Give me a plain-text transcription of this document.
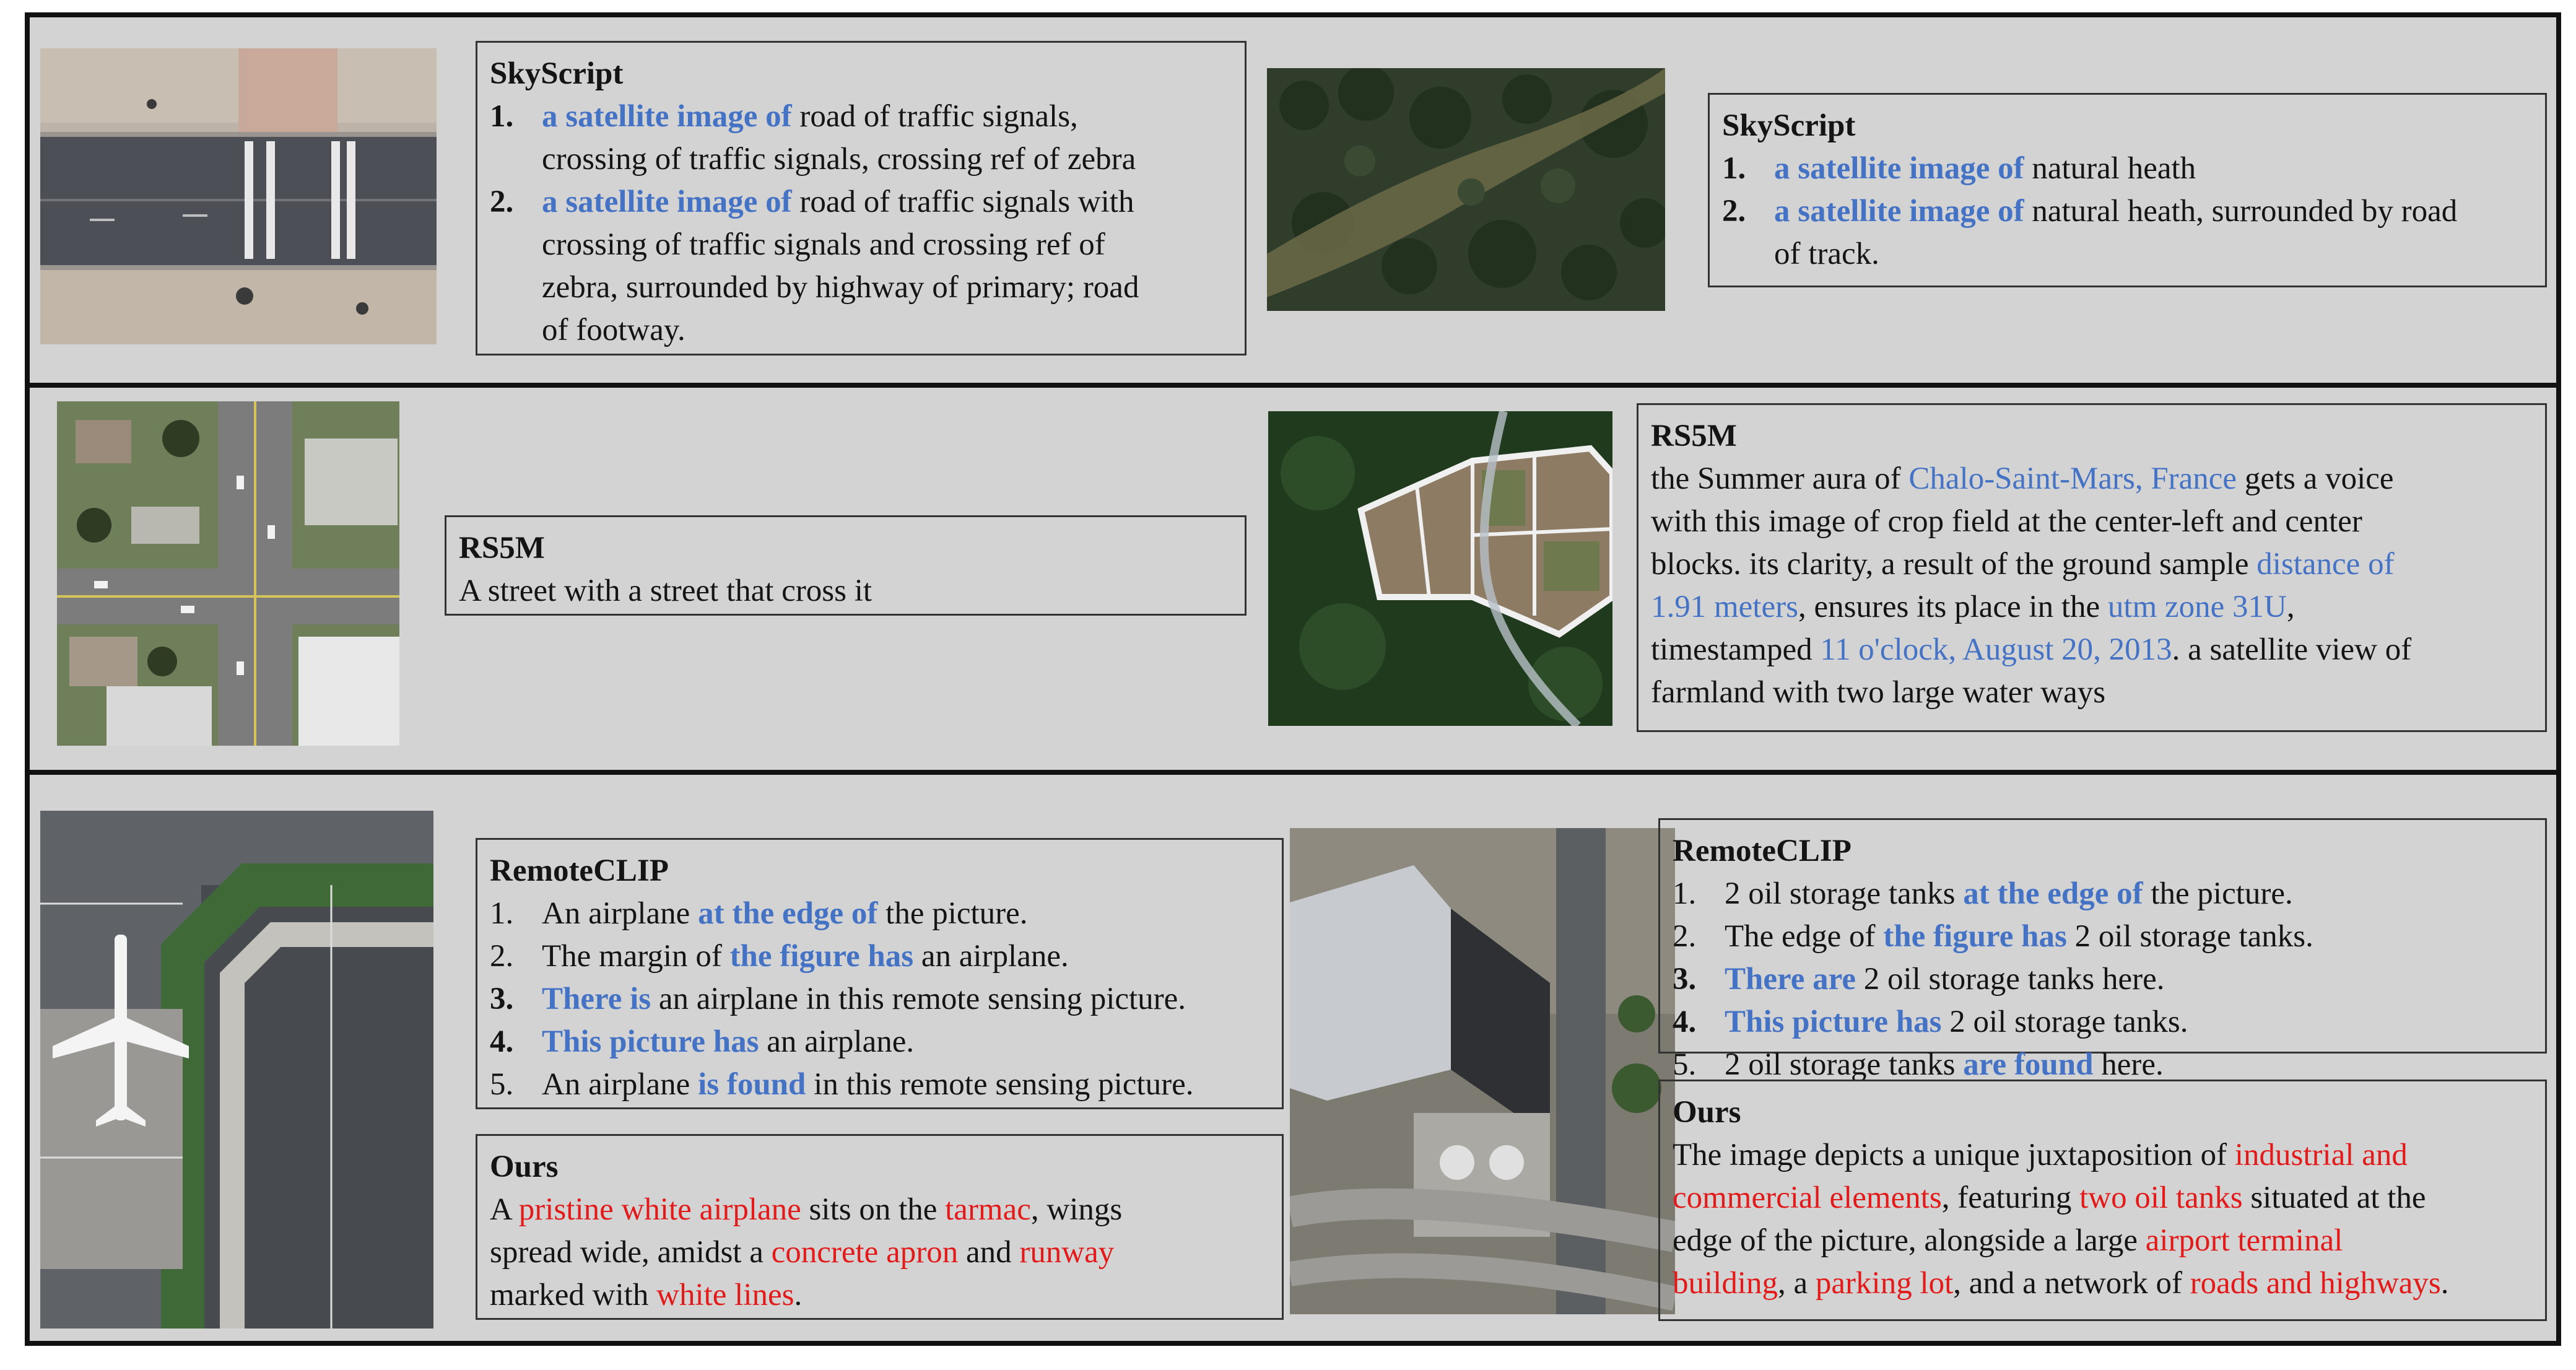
SkyScript
1. a satellite image of road of traffic signals,
crossing of traffic signals, crossing ref of zebra
2. a satellite image of road of traffic signals with
crossing of traffic signals and crossing ref of
zebra, surrounded by highway of primary; road
of footway.
SkyScript
1. a satellite image of natural heath
2. a satellite image of natural heath, surrounded by road
of track.
RS5M
A street with a street that cross it
RS5M
the Summer aura of Chalo-Saint-Mars, France gets a voice
with this image of crop field at the center-left and center
blocks. its clarity, a result of the ground sample distance of
1.91 meters, ensures its place in the utm zone 31U,
timestamped 11 o'clock, August 20, 2013. a satellite view of
farmland with two large water ways
RemoteCLIP
1. An airplane at the edge of the picture.
2. The margin of the figure has an airplane.
3. There is an airplane in this remote sensing picture.
4. This picture has an airplane.
5. An airplane is found in this remote sensing picture.
Ours
A pristine white airplane sits on the tarmac, wings
spread wide, amidst a concrete apron and runway
marked with white lines.
RemoteCLIP
1. 2 oil storage tanks at the edge of the picture.
2. The edge of the figure has 2 oil storage tanks.
3. There are 2 oil storage tanks here.
4. This picture has 2 oil storage tanks.
5. 2 oil storage tanks are found here.
Ours
The image depicts a unique juxtaposition of industrial and
commercial elements, featuring two oil tanks situated at the
edge of the picture, alongside a large airport terminal
building, a parking lot, and a network of roads and highways.
